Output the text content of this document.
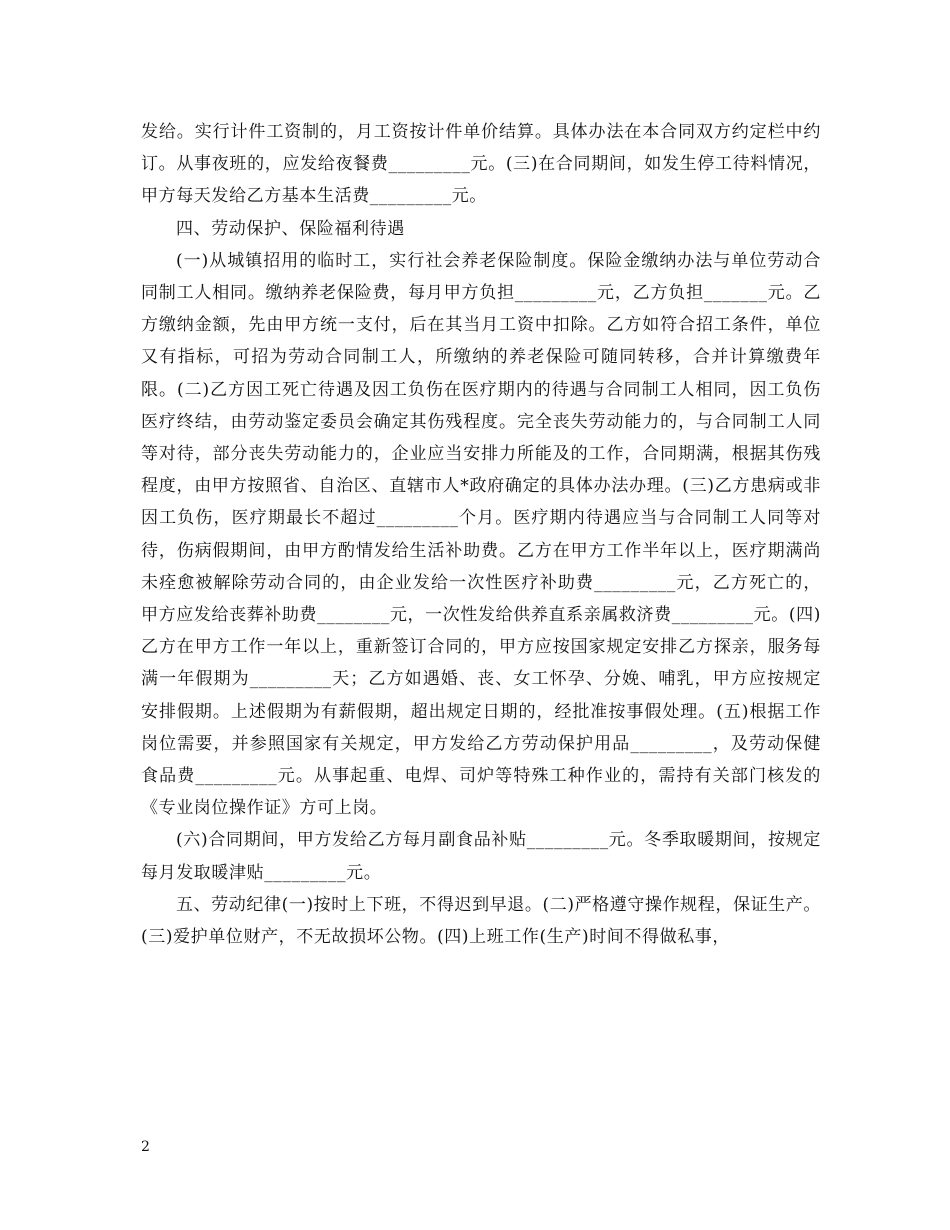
发给。实行计件工资制的，月工资按计件单价结算。具体办法在本合同双方约定栏中约订。从事夜班的，应发给夜餐费_________元。(三)在合同期间，如发生停工待料情况，甲方每天发给乙方基本生活费_________元。

四、劳动保护、保险福利待遇

(一)从城镇招用的临时工，实行社会养老保险制度。保险金缴纳办法与单位劳动合同制工人相同。缴纳养老保险费，每月甲方负担_________元，乙方负担_______元。乙方缴纳金额，先由甲方统一支付，后在其当月工资中扣除。乙方如符合招工条件，单位又有指标，可招为劳动合同制工人，所缴纳的养老保险可随同转移，合并计算缴费年限。(二)乙方因工死亡待遇及因工负伤在医疗期内的待遇与合同制工人相同，因工负伤医疗终结，由劳动鉴定委员会确定其伤残程度。完全丧失劳动能力的，与合同制工人同等对待，部分丧失劳动能力的，企业应当安排力所能及的工作，合同期满，根据其伤残程度，由甲方按照省、自治区、直辖市人*政府确定的具体办法办理。(三)乙方患病或非因工负伤，医疗期最长不超过_________个月。医疗期内待遇应当与合同制工人同等对待，伤病假期间，由甲方酌情发给生活补助费。乙方在甲方工作半年以上，医疗期满尚未痊愈被解除劳动合同的，由企业发给一次性医疗补助费_________元，乙方死亡的，甲方应发给丧葬补助费________元，一次性发给供养直系亲属救济费_________元。(四)乙方在甲方工作一年以上，重新签订合同的，甲方应按国家规定安排乙方探亲，服务每满一年假期为_________天；乙方如遇婚、丧、女工怀孕、分娩、哺乳，甲方应按规定安排假期。上述假期为有薪假期，超出规定日期的，经批准按事假处理。(五)根据工作岗位需要，并参照国家有关规定，甲方发给乙方劳动保护用品_________，及劳动保健食品费_________元。从事起重、电焊、司炉等特殊工种作业的，需持有关部门核发的《专业岗位操作证》方可上岗。

(六)合同期间，甲方发给乙方每月副食品补贴_________元。冬季取暖期间，按规定每月发取暖津贴_________元。

五、劳动纪律(一)按时上下班，不得迟到早退。(二)严格遵守操作规程，保证生产。(三)爱护单位财产，不无故损坏公物。(四)上班工作(生产)时间不得做私事，

2
